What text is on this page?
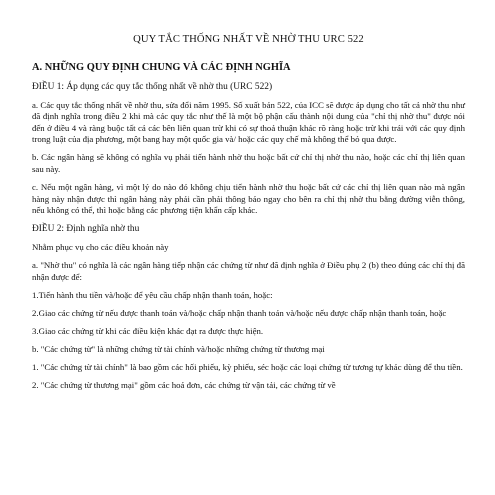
QUY TẮC THỐNG NHẤT VỀ NHỜ THU URC 522
A. NHỮNG QUY ĐỊNH CHUNG VÀ CÁC ĐỊNH NGHĨA

ĐIỀU 1: Áp dụng các quy tắc thống nhất về nhờ thu (URC 522)

a. Các quy tắc thống nhất về nhờ thu, sửa đổi năm 1995. Số xuất bản 522, của ICC sẽ được áp dụng cho tất cả nhờ thu như đã định nghĩa trong điều 2 khi mà các quy tắc như thế là một bộ phận cấu thành nội dung của "chỉ thị nhờ thu" được nói đến ở điều 4 và ràng buộc tất cả các bên liên quan trừ khi có sự thoả thuận khác rõ ràng hoặc trừ khi trái với các quy định trong luật của địa phương, một bang hay một quốc gia và/ hoặc các quy chế mà không thể bỏ qua được.

b. Các ngân hàng sẽ không có nghĩa vụ phải tiến hành nhờ thu hoặc bất cứ chỉ thị nhờ thu nào, hoặc các chỉ thị liên quan sau này.

c. Nếu một ngân hàng, vì một lý do nào đó không chịu tiến hành nhờ thu hoặc bất cứ các chỉ thị liên quan nào mà ngân hàng này nhận được thì ngân hàng này phải cần phải thông báo ngay cho bên ra chỉ thị nhờ thu bằng đường viễn thông, nếu không có thể, thì hoặc bằng các phương tiện khẩn cấp khác.

ĐIỀU 2: Định nghĩa nhờ thu

Nhằm phục vụ cho các điều khoản này

a. "Nhờ thu" có nghĩa là các ngân hàng tiếp nhận các chứng từ như đã định nghĩa ở Điều phụ 2 (b) theo đúng các chỉ thị đã nhận được để:

1.Tiến hành thu tiền và/hoặc để yêu cầu chấp nhận thanh toán, hoặc:

2.Giao các chứng từ nếu được thanh toán và/hoặc chấp nhận thanh toán và/hoặc nếu được chấp nhận thanh toán, hoặc

3.Giao các chứng từ khi các điều kiện khác đạt ra được thực hiện.

b. "Các chứng từ" là những chứng từ tài chính và/hoặc những chứng từ thương mại

1. "Các chứng từ tài chính" là bao gồm các hối phiếu, kỳ phiếu, séc hoặc các loại chứng từ tương tự khác dùng để thu tiền.

2. "Các chứng từ thương mại" gồm các hoá đơn, các chứng từ vận tải, các chứng từ về
